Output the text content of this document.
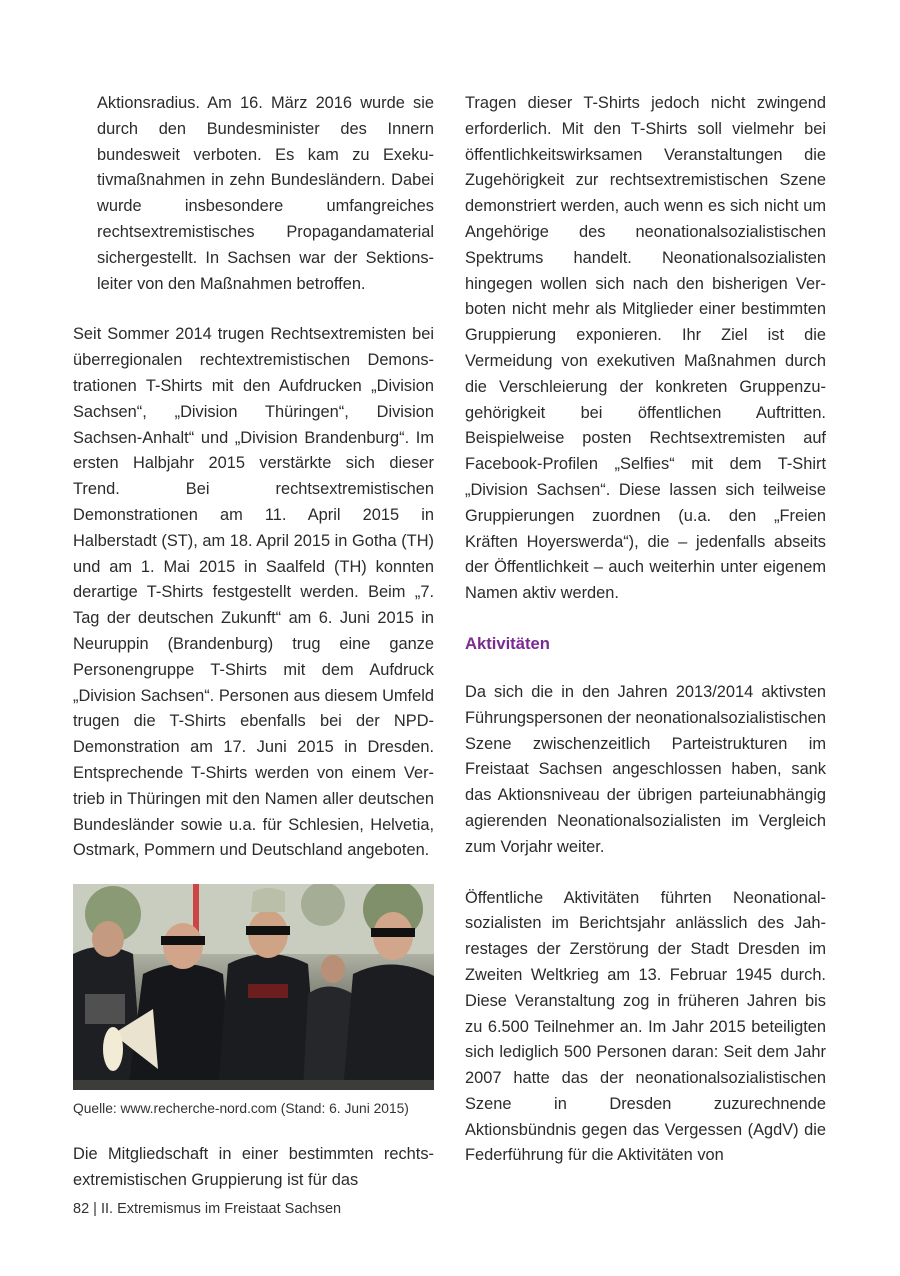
Aktionsradius. Am 16. März 2016 wurde sie durch den Bundesminister des Innern bundesweit verboten. Es kam zu Exekutivmaßnahmen in zehn Bundesländern. Dabei wurde insbesondere umfangreiches rechtsextremistisches Propagandamaterial sichergestellt. In Sachsen war der Sektionsleiter von den Maßnahmen betroffen.

Seit Sommer 2014 trugen Rechtsextremisten bei überregionalen rechtextremistischen Demonstrationen T-Shirts mit den Aufdrucken „Division Sachsen“, „Division Thüringen“, Division Sachsen-Anhalt“ und „Division Brandenburg“. Im ersten Halbjahr 2015 verstärkte sich dieser Trend. Bei rechtsextremistischen Demonstrationen am 11. April 2015 in Halberstadt (ST), am 18. April 2015 in Gotha (TH) und am 1. Mai 2015 in Saalfeld (TH) konnten derartige T-Shirts festgestellt werden. Beim „7. Tag der deutschen Zukunft“ am 6. Juni 2015 in Neuruppin (Brandenburg) trug eine ganze Personengruppe T-Shirts mit dem Aufdruck „Division Sachsen“. Personen aus diesem Umfeld trugen die T-Shirts ebenfalls bei der NPD-Demonstration am 17. Juni 2015 in Dresden. Entsprechende T-Shirts werden von einem Vertrieb in Thüringen mit den Namen aller deutschen Bundesländer sowie u.a. für Schlesien, Helvetia, Ostmark, Pommern und Deutschland angeboten.

Quelle: www.recherche-nord.com (Stand: 6. Juni 2015)

Die Mitgliedschaft in einer bestimmten rechtsextremistischen Gruppierung ist für das

Tragen dieser T-Shirts jedoch nicht zwingend erforderlich. Mit den T-Shirts soll vielmehr bei öffentlichkeitswirksamen Veranstaltungen die Zugehörigkeit zur rechtsextremistischen Szene demonstriert werden, auch wenn es sich nicht um Angehörige des neonationalsozialistischen Spektrums handelt. Neonationalsozialisten hingegen wollen sich nach den bisherigen Verboten nicht mehr als Mitglieder einer bestimmten Gruppierung exponieren. Ihr Ziel ist die Vermeidung von exekutiven Maßnahmen durch die Verschleierung der konkreten Gruppenzugehörigkeit bei öffentlichen Auftritten. Beispielweise posten Rechtsextremisten auf Facebook-Profilen „Selfies“ mit dem T-Shirt „Division Sachsen“. Diese lassen sich teilweise Gruppierungen zuordnen (u.a. den „Freien Kräften Hoyerswerda“), die – jedenfalls abseits der Öffentlichkeit – auch weiterhin unter eigenem Namen aktiv werden.

Aktivitäten

Da sich die in den Jahren 2013/2014 aktivsten Führungspersonen der neonationalsozialistischen Szene zwischenzeitlich Parteistrukturen im Freistaat Sachsen angeschlossen haben, sank das Aktionsniveau der übrigen parteiunabhängig agierenden Neonationalsozialisten im Vergleich zum Vorjahr weiter.

Öffentliche Aktivitäten führten Neonationalsozialisten im Berichtsjahr anlässlich des Jahrestages der Zerstörung der Stadt Dresden im Zweiten Weltkrieg am 13. Februar 1945 durch. Diese Veranstaltung zog in früheren Jahren bis zu 6.500 Teilnehmer an. Im Jahr 2015 beteiligten sich lediglich 500 Personen daran: Seit dem Jahr 2007 hatte das der neonationalsozialistischen Szene in Dresden zuzurechnende Aktionsbündnis gegen das Vergessen (AgdV) die Federführung für die Aktivitäten von

82 | II. Extremismus im Freistaat Sachsen
